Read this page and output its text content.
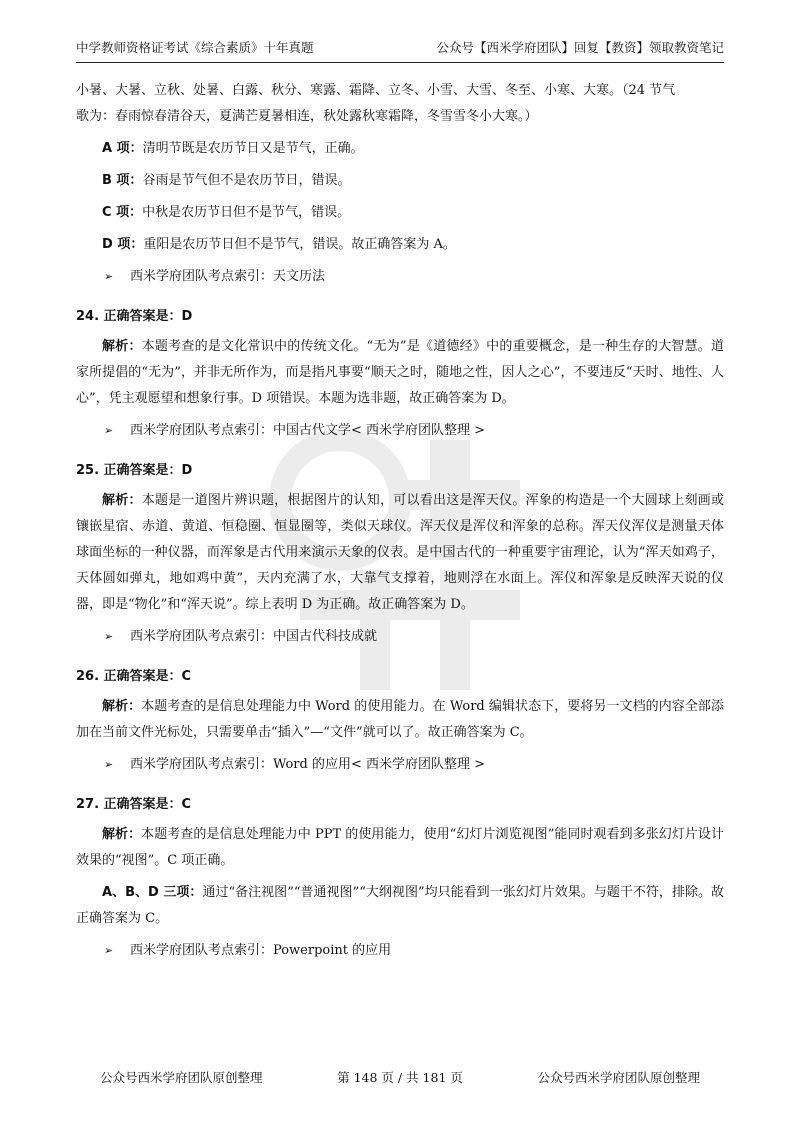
中学教师资格证考试《综合素质》十年真题	公众号【西米学府团队】回复【教资】领取教资笔记

小暑、大暑、立秋、处暑、白露、秋分、寒露、霜降、立冬、小雪、大雪、冬至、小寒、大寒。（24 节气

歌为：春雨惊春清谷天，夏满芒夏暑相连，秋处露秋寒霜降，冬雪雪冬小大寒。）

A 项：清明节既是农历节日又是节气，正确。

B 项：谷雨是节气但不是农历节日，错误。

C 项：中秋是农历节日但不是节气，错误。

D 项：重阳是农历节日但不是节气，错误。故正确答案为 A。

➢ 西米学府团队考点索引：天文历法
24. 正确答案是：D

解析：本题考查的是文化常识中的传统文化。“无为”是《道德经》中的重要概念，是一种生存的大智慧。道家所提倡的“无为”，并非无所作为，而是指凡事要“顺天之时，随地之性，因人之心”，不要违反“天时、地性、人心”，凭主观愿望和想象行事。D 项错误。本题为选非题，故正确答案为 D。

➢ 西米学府团队考点索引：中国古代文学< 西米学府团队整理 >
25. 正确答案是：D

解析：本题是一道图片辨识题，根据图片的认知，可以看出这是浑天仪。浑象的构造是一个大圆球上刻画或镶嵌星宿、赤道、黄道、恒稳圈、恒显圈等，类似天球仪。浑天仪是浑仪和浑象的总称。浑天仪浑仪是测量天体球面坐标的一种仪器，而浑象是古代用来演示天象的仪表。是中国古代的一种重要宇宙理论，认为“浑天如鸡子，天体圆如弹丸，地如鸡中黄”，天内充满了水，大靠气支撑着，地则浮在水面上。浑仪和浑象是反映浑天说的仪器，即是“物化”和“浑天说”。综上表明 D 为正确。故正确答案为 D。

➢ 西米学府团队考点索引：中国古代科技成就
26. 正确答案是：C

解析：本题考查的是信息处理能力中 Word 的使用能力。在 Word 编辑状态下，要将另一文档的内容全部添加在当前文件光标处，只需要单击“插入”—“文件”就可以了。故正确答案为 C。

➢ 西米学府团队考点索引：Word 的应用< 西米学府团队整理 >
27. 正确答案是：C

解析：本题考查的是信息处理能力中 PPT 的使用能力，使用“幻灯片浏览视图”能同时观看到多张幻灯片设计效果的“视图”。C 项正确。

A、B、D 三项：通过“备注视图”“普通视图”“大纲视图”均只能看到一张幻灯片效果。与题干不符，排除。故正确答案为 C。

➢ 西米学府团队考点索引：Powerpoint 的应用
公众号西米学府团队原创整理	第 148 页 / 共 181 页	公众号西米学府团队原创整理
